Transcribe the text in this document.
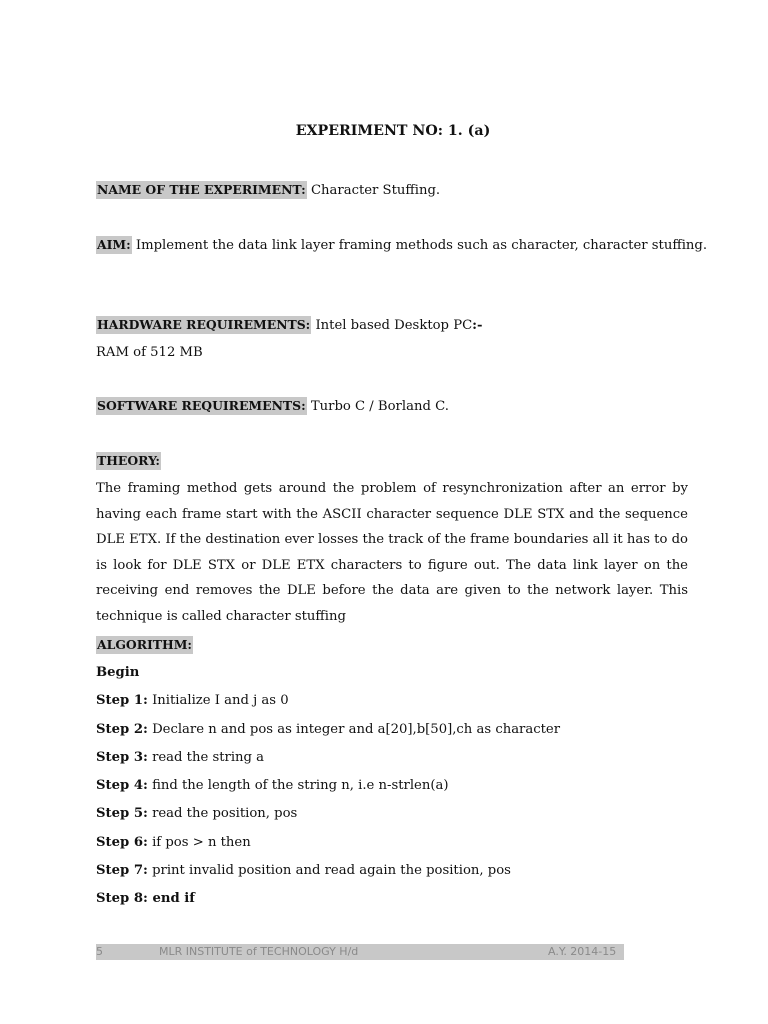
EXPERIMENT NO: 1. (a)
NAME OF THE EXPERIMENT: Character Stuffing.
AIM: Implement the data link layer framing methods such as character, character stuffing.
HARDWARE REQUIREMENTS: Intel based Desktop PC:-
RAM of 512 MB
SOFTWARE REQUIREMENTS: Turbo C / Borland C.
THEORY:

The framing method gets around the problem of resynchronization after an error by having each frame start with the ASCII character sequence DLE STX and the sequence DLE ETX. If the destination ever losses the track of the frame boundaries all it has to do is look for DLE STX or DLE ETX characters to figure out. The data link layer on the receiving end removes the DLE before the data are given to the network layer. This technique is called character stuffing

ALGORITHM:
Begin
Step 1: Initialize I and j as 0
Step 2: Declare n and pos as integer and a[20],b[50],ch as character
Step 3: read the string a
Step 4: find the length of the string n, i.e n-strlen(a)
Step 5: read the position, pos
Step 6: if pos > n then
Step 7: print invalid position and read again the position, pos
Step 8: end if
5	MLR INSTITUTE of TECHNOLOGY H/d	A.Y. 2014-15
